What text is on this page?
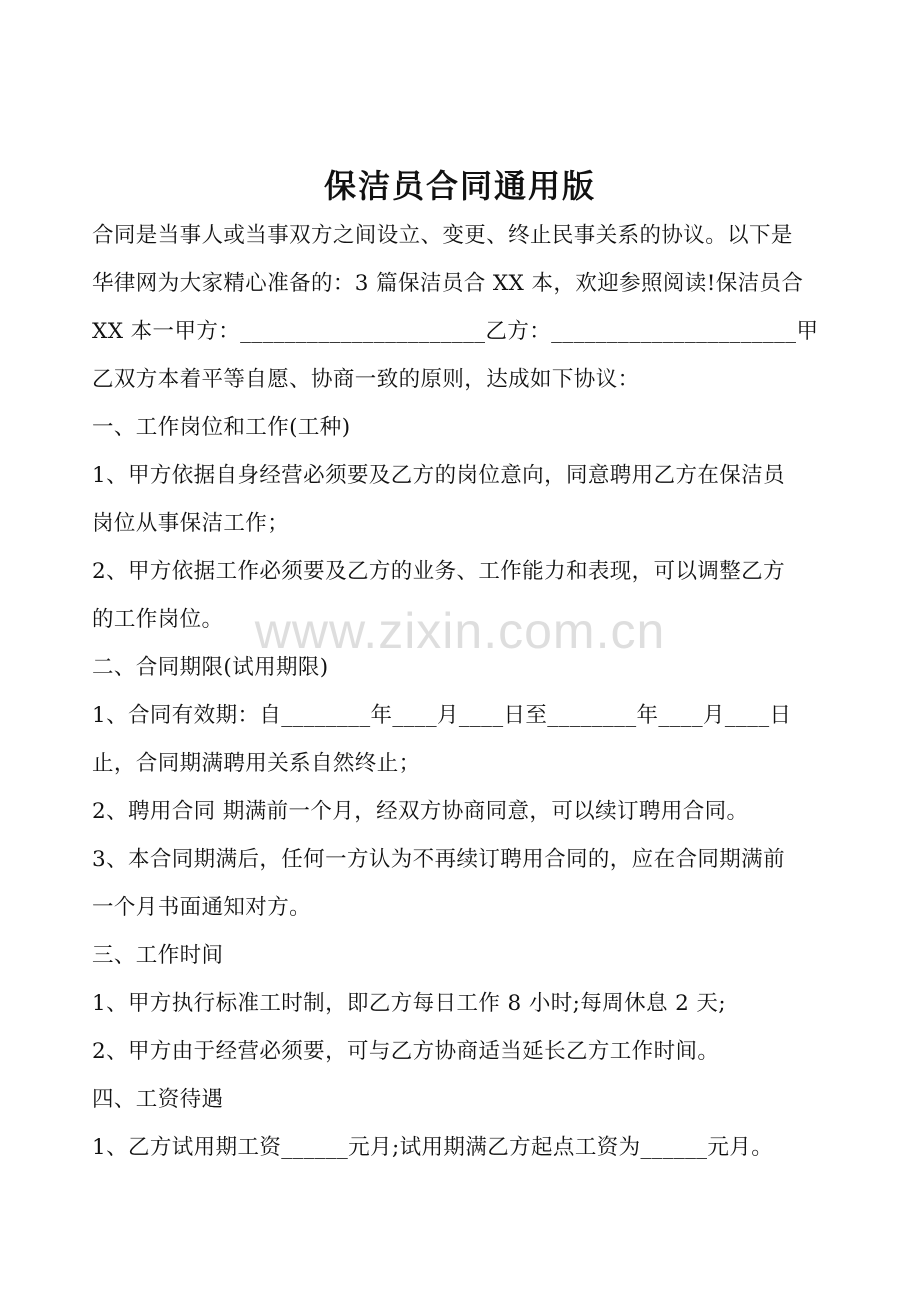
保洁员合同通用版
合同是当事人或当事双方之间设立、变更、终止民事关系的协议。以下是
华律网为大家精心准备的：3 篇保洁员合 XX 本，欢迎参照阅读!保洁员合
XX 本一甲方：______________________乙方：______________________甲
乙双方本着平等自愿、协商一致的原则，达成如下协议：
一、工作岗位和工作(工种)
1、甲方依据自身经营必须要及乙方的岗位意向，同意聘用乙方在保洁员
岗位从事保洁工作；
2、甲方依据工作必须要及乙方的业务、工作能力和表现，可以调整乙方
的工作岗位。
二、合同期限(试用期限)
1、合同有效期：自________年____月____日至________年____月____日
止，合同期满聘用关系自然终止；
2、聘用合同 期满前一个月，经双方协商同意，可以续订聘用合同。
3、本合同期满后，任何一方认为不再续订聘用合同的，应在合同期满前
一个月书面通知对方。
三、工作时间
1、甲方执行标准工时制，即乙方每日工作 8 小时;每周休息 2 天;
2、甲方由于经营必须要，可与乙方协商适当延长乙方工作时间。
四、工资待遇
1、乙方试用期工资______元月;试用期满乙方起点工资为______元月。
www.zixin.com.cn
